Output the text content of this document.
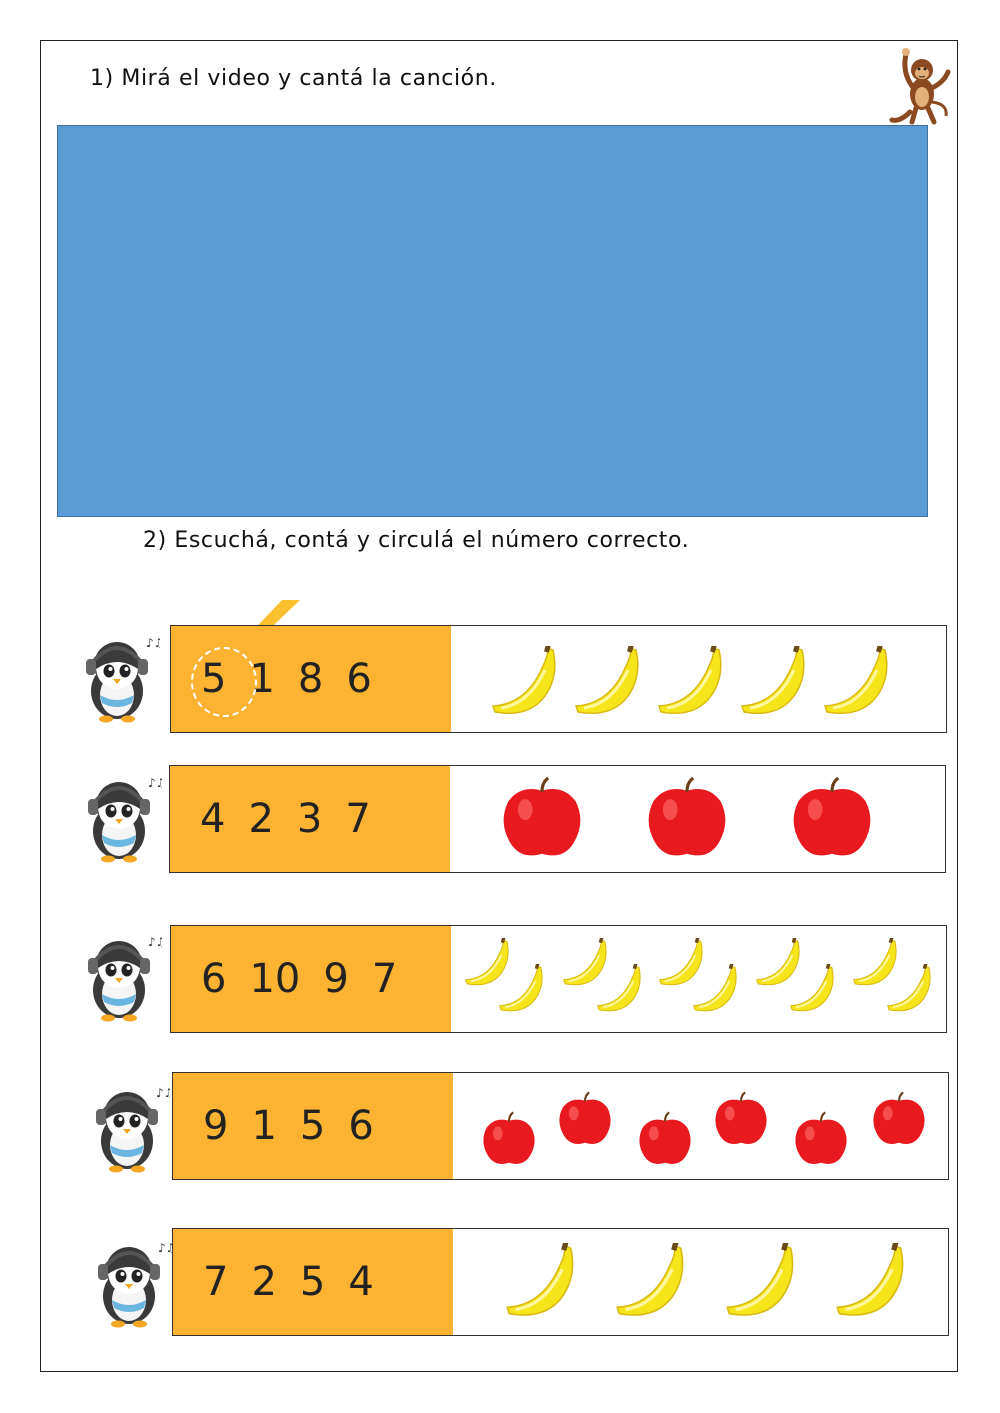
1) Mirá el video y cantá la canción.
2) Escuchá, contá y circulá el número correcto.
5 1 8 6
4 2 3 7
6 10 9 7
9 1 5 6
7 2 5 4
